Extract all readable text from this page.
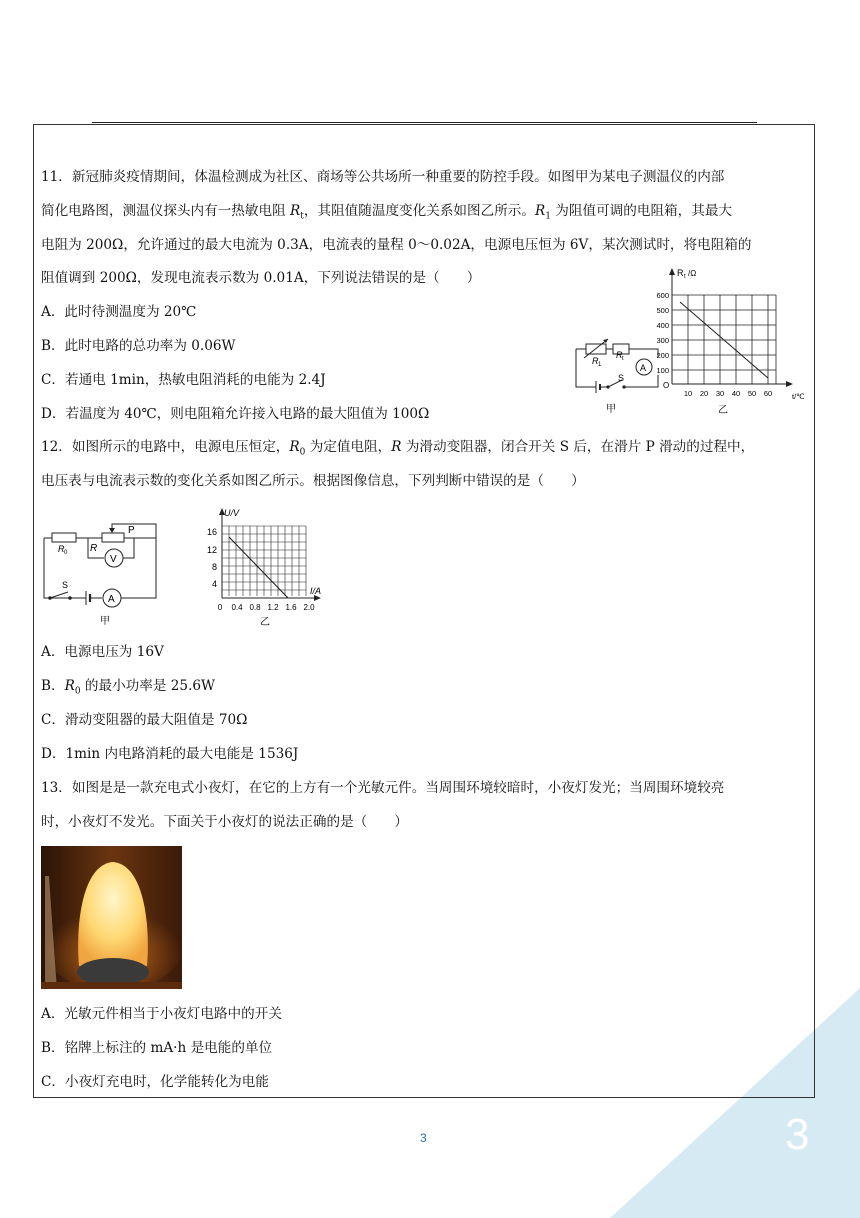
11．新冠肺炎疫情期间，体温检测成为社区、商场等公共场所一种重要的防控手段。如图甲为某电子测温仪的内部
简化电路图，测温仪探头内有一热敏电阻 $R_t$，其阻值随温度变化关系如图乙所示。$R_1$ 为阻值可调的电阻箱，其最大
电阻为 200Ω，允许通过的最大电流为 0.3A，电流表的量程 0～0.02A，电源电压恒为 6V，某次测试时，将电阻箱的
阻值调到 200Ω，发现电流表示数为 0.01A，下列说法错误的是（　　）
A．此时待测温度为 20℃
B．此时电路的总功率为 0.06W
C．若通电 1min，热敏电阻消耗的电能为 2.4J
D．若温度为 40℃，则电阻箱允许接入电路的最大阻值为 100Ω
R 1
R t
A
S
甲
R t /Ω
100
200
300
400
500
600
10 20 30 40 50 60
O
t/℃
乙
12．如图所示的电路中，电源电压恒定，$R_0$ 为定值电阻，R 为滑动变阻器，闭合开关 S 后，在滑片 P 滑动的过程中，
电压表与电流表示数的变化关系如图乙所示。根据图像信息，下列判断中错误的是（　　）
R 0 R
P
V
A
S
甲
U/V
4
8
12
16
0 0.4 0.8 1.2 1.6 2.0
I/A
乙
A．电源电压为 16V
B．$R_0$ 的最小功率是 25.6W
C．滑动变阻器的最大阻值是 70Ω
D．1min 内电路消耗的最大电能是 1536J
13．如图是是一款充电式小夜灯，在它的上方有一个光敏元件。当周围环境较暗时，小夜灯发光；当周围环境较亮
时，小夜灯不发光。下面关于小夜灯的说法正确的是（　　）
A．光敏元件相当于小夜灯电路中的开关
B．铭牌上标注的 mA·h 是电能的单位
C．小夜灯充电时，化学能转化为电能
3	3
